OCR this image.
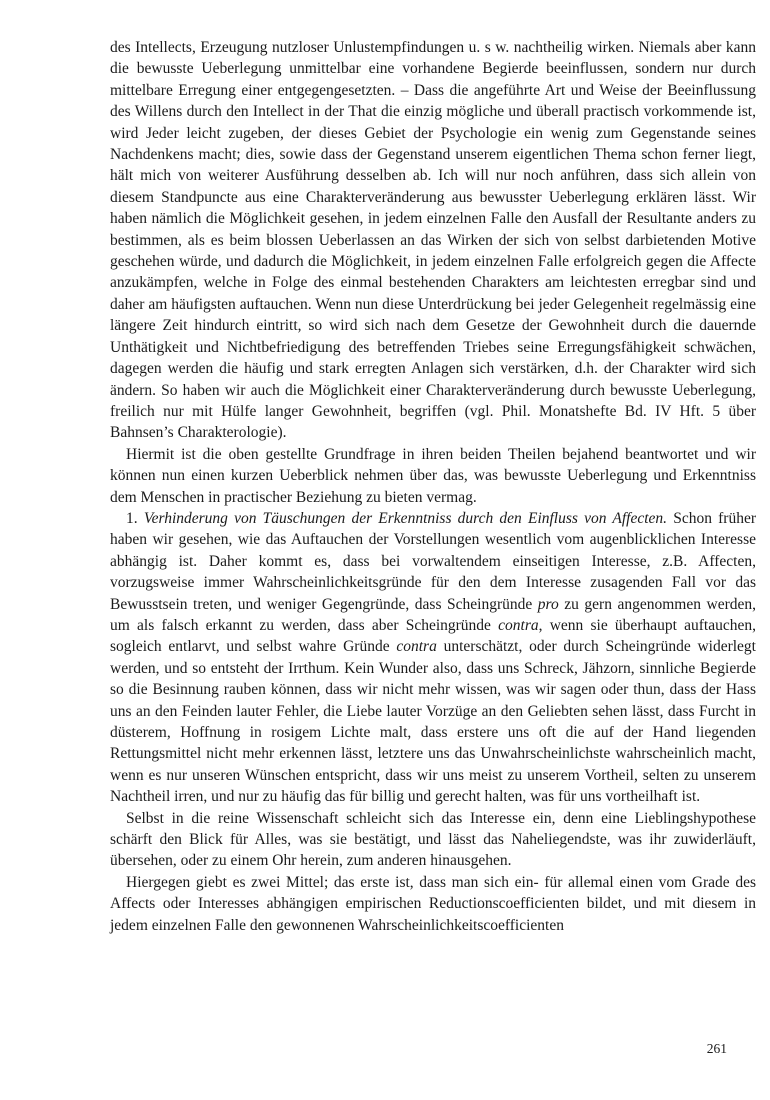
des Intellects, Erzeugung nutzloser Unlustempfindungen u. s w. nachtheilig wirken. Niemals aber kann die bewusste Ueberlegung unmittelbar eine vorhandene Begierde beeinflussen, sondern nur durch mittelbare Erregung einer entgegengesetzten. – Dass die angeführte Art und Weise der Beeinflussung des Willens durch den Intellect in der That die einzig mögliche und überall practisch vorkommende ist, wird Jeder leicht zugeben, der dieses Gebiet der Psychologie ein wenig zum Gegenstande seines Nachdenkens macht; dies, sowie dass der Gegenstand unserem eigentlichen Thema schon ferner liegt, hält mich von weiterer Ausführung desselben ab. Ich will nur noch anführen, dass sich allein von diesem Standpuncte aus eine Charakterveränderung aus bewusster Ueberlegung erklären lässt. Wir haben nämlich die Möglichkeit gesehen, in jedem einzelnen Falle den Ausfall der Resultante anders zu bestimmen, als es beim blossen Ueberlassen an das Wirken der sich von selbst darbietenden Motive geschehen würde, und dadurch die Möglichkeit, in jedem einzelnen Falle erfolgreich gegen die Affecte anzukämpfen, welche in Folge des einmal bestehenden Charakters am leichtesten erregbar sind und daher am häufigsten auftauchen. Wenn nun diese Unterdrückung bei jeder Gelegenheit regelmässig eine längere Zeit hindurch eintritt, so wird sich nach dem Gesetze der Gewohnheit durch die dauernde Unthätigkeit und Nichtbefriedigung des betreffenden Triebes seine Erregungsfähigkeit schwächen, dagegen werden die häufig und stark erregten Anlagen sich verstärken, d.h. der Charakter wird sich ändern. So haben wir auch die Möglichkeit einer Charakterveränderung durch bewusste Ueberlegung, freilich nur mit Hülfe langer Gewohnheit, begriffen (vgl. Phil. Monatshefte Bd. IV Hft. 5 über Bahnsen’s Charakterologie).

Hiermit ist die oben gestellte Grundfrage in ihren beiden Theilen bejahend beantwortet und wir können nun einen kurzen Ueberblick nehmen über das, was bewusste Ueberlegung und Erkenntniss dem Menschen in practischer Beziehung zu bieten vermag.

1. Verhinderung von Täuschungen der Erkenntniss durch den Einfluss von Affecten. Schon früher haben wir gesehen, wie das Auftauchen der Vorstellungen wesentlich vom augenblicklichen Interesse abhängig ist. Daher kommt es, dass bei vorwaltendem einseitigen Interesse, z.B. Affecten, vorzugsweise immer Wahrscheinlichkeitsgründe für den dem Interesse zusagenden Fall vor das Bewusstsein treten, und weniger Gegengründe, dass Scheingründe pro zu gern angenommen werden, um als falsch erkannt zu werden, dass aber Scheingründe contra, wenn sie überhaupt auftauchen, sogleich entlarvt, und selbst wahre Gründe contra unterschätzt, oder durch Scheingründe widerlegt werden, und so entsteht der Irrthum. Kein Wunder also, dass uns Schreck, Jähzorn, sinnliche Begierde so die Besinnung rauben können, dass wir nicht mehr wissen, was wir sagen oder thun, dass der Hass uns an den Feinden lauter Fehler, die Liebe lauter Vorzüge an den Geliebten sehen lässt, dass Furcht in düsterem, Hoffnung in rosigem Lichte malt, dass erstere uns oft die auf der Hand liegenden Rettungsmittel nicht mehr erkennen lässt, letztere uns das Unwahrscheinlichste wahrscheinlich macht, wenn es nur unseren Wünschen entspricht, dass wir uns meist zu unserem Vortheil, selten zu unserem Nachtheil irren, und nur zu häufig das für billig und gerecht halten, was für uns vortheilhaft ist.

Selbst in die reine Wissenschaft schleicht sich das Interesse ein, denn eine Lieblingshypothese schärft den Blick für Alles, was sie bestätigt, und lässt das Naheliegendste, was ihr zuwiderläuft, übersehen, oder zu einem Ohr herein, zum anderen hinausgehen.

Hiergegen giebt es zwei Mittel; das erste ist, dass man sich ein- für allemal einen vom Grade des Affects oder Interesses abhängigen empirischen Reductionscoefficienten bildet, und mit diesem in jedem einzelnen Falle den gewonnenen Wahrscheinlichkeitscoefficienten

261
